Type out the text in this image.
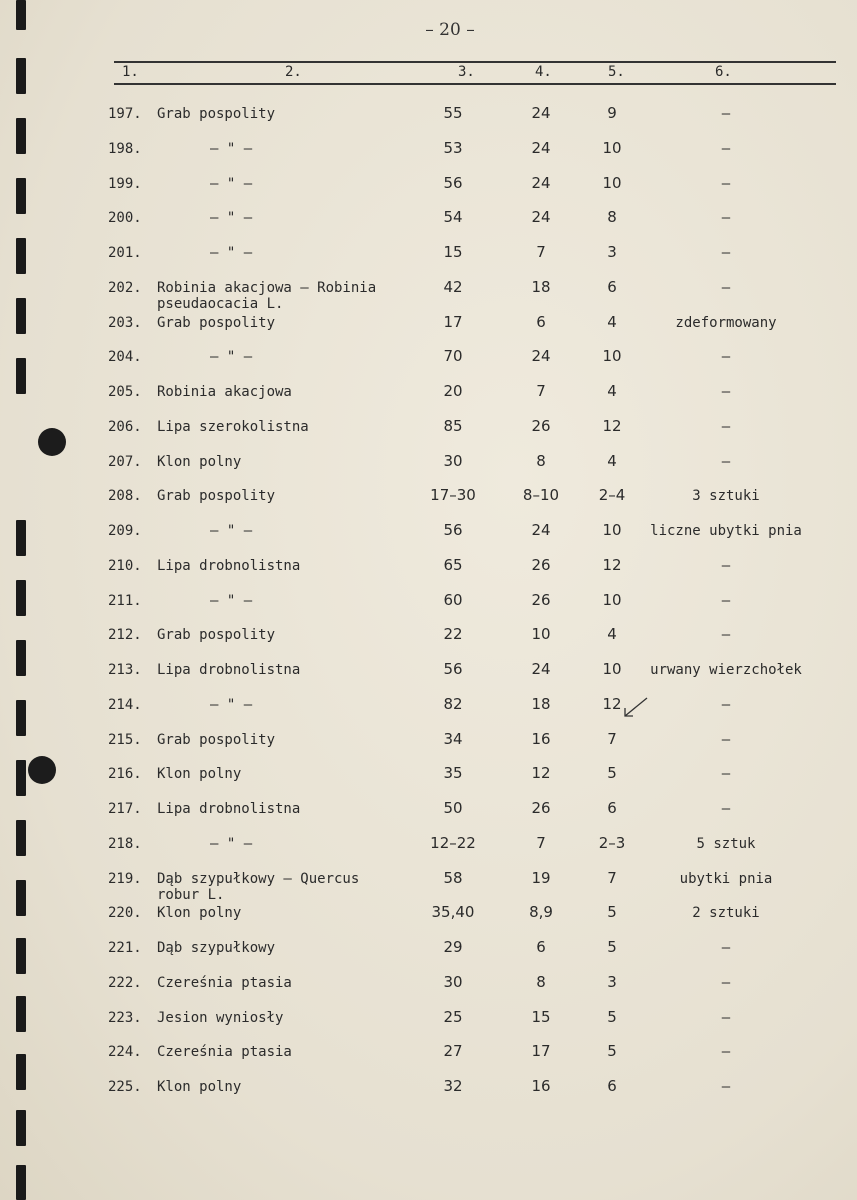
– 20 –
1.	2.	3.	4.	5.	6.
197. Grab pospolity	55	24	9	–
198.	– " –	53	24	10	–
199.	– " –	56	24	10	–
200.	– " –	54	24	8	–
201.	– " –	15	7	3	–
202. Robinia akacjowa – Robinia
pseudaocacia L.
42	18	6	–
203. Grab pospolity	17	6	4	zdeformowany
204.	– " –	70	24	10	–
205. Robinia akacjowa	20	7	4	–
206. Lipa szerokolistna	85	26	12	–
207. Klon polny	30	8	4	–
208. Grab pospolity	17–30	8–10	2–4	3 sztuki
209.	– " –	56	24	10	liczne ubytki pnia
210. Lipa drobnolistna	65	26	12	–
211.	– " –	60	26	10	–
212. Grab pospolity	22	10	4	–
213. Lipa drobnolistna	56	24	10	urwany wierzchołek
214.	– " –	82	18	12	–
215. Grab pospolity	34	16	7	–
216. Klon polny	35	12	5	–
217. Lipa drobnolistna	50	26	6	–
218.	– " –	12–22	7	2–3	5 sztuk
219. Dąb szypułkowy – Quercus
robur L.
58	19	7	ubytki pnia
220. Klon polny	35,40	8,9	5	2 sztuki
221. Dąb szypułkowy	29	6	5	–
222. Czereśnia ptasia	30	8	3	–
223. Jesion wyniosły	25	15	5	–
224. Czereśnia ptasia	27	17	5	–
225. Klon polny	32	16	6	–
